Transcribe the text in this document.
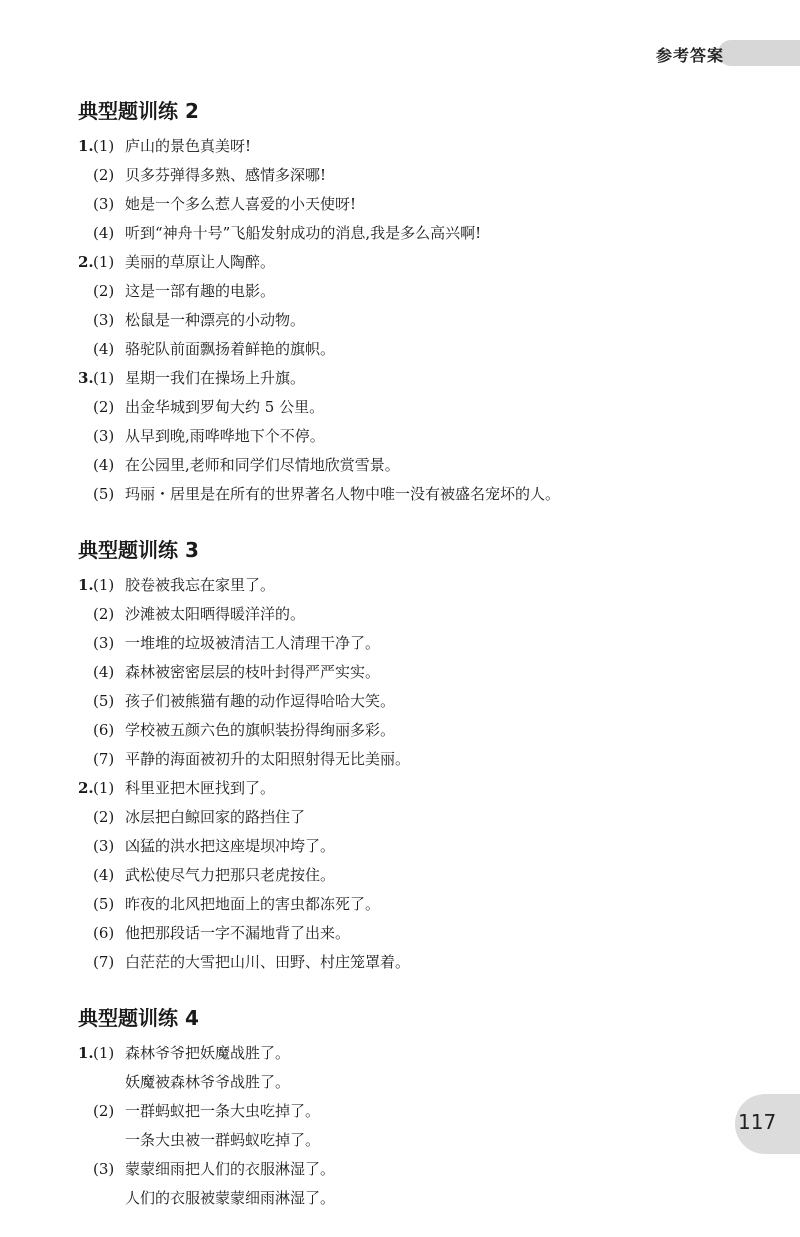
参考答案
典型题训练 2
1. (1) 庐山的景色真美呀!
(2) 贝多芬弹得多熟、感情多深哪!
(3) 她是一个多么惹人喜爱的小天使呀!
(4) 听到“神舟十号”飞船发射成功的消息,我是多么高兴啊!
2. (1) 美丽的草原让人陶醉。
(2) 这是一部有趣的电影。
(3) 松鼠是一种漂亮的小动物。
(4) 骆驼队前面飘扬着鲜艳的旗帜。
3. (1) 星期一我们在操场上升旗。
(2) 出金华城到罗甸大约 5 公里。
(3) 从早到晚,雨哗哗地下个不停。
(4) 在公园里,老师和同学们尽情地欣赏雪景。
(5) 玛丽・居里是在所有的世界著名人物中唯一没有被盛名宠坏的人。
典型题训练 3
1. (1) 胶卷被我忘在家里了。
(2) 沙滩被太阳晒得暖洋洋的。
(3) 一堆堆的垃圾被清洁工人清理干净了。
(4) 森林被密密层层的枝叶封得严严实实。
(5) 孩子们被熊猫有趣的动作逗得哈哈大笑。
(6) 学校被五颜六色的旗帜装扮得绚丽多彩。
(7) 平静的海面被初升的太阳照射得无比美丽。
2. (1) 科里亚把木匣找到了。
(2) 冰层把白鲸回家的路挡住了
(3) 凶猛的洪水把这座堤坝冲垮了。
(4) 武松使尽气力把那只老虎按住。
(5) 昨夜的北风把地面上的害虫都冻死了。
(6) 他把那段话一字不漏地背了出来。
(7) 白茫茫的大雪把山川、田野、村庄笼罩着。
典型题训练 4
1. (1) 森林爷爷把妖魔战胜了。
妖魔被森林爷爷战胜了。
(2) 一群蚂蚁把一条大虫吃掉了。
一条大虫被一群蚂蚁吃掉了。
(3) 蒙蒙细雨把人们的衣服淋湿了。
人们的衣服被蒙蒙细雨淋湿了。
117
